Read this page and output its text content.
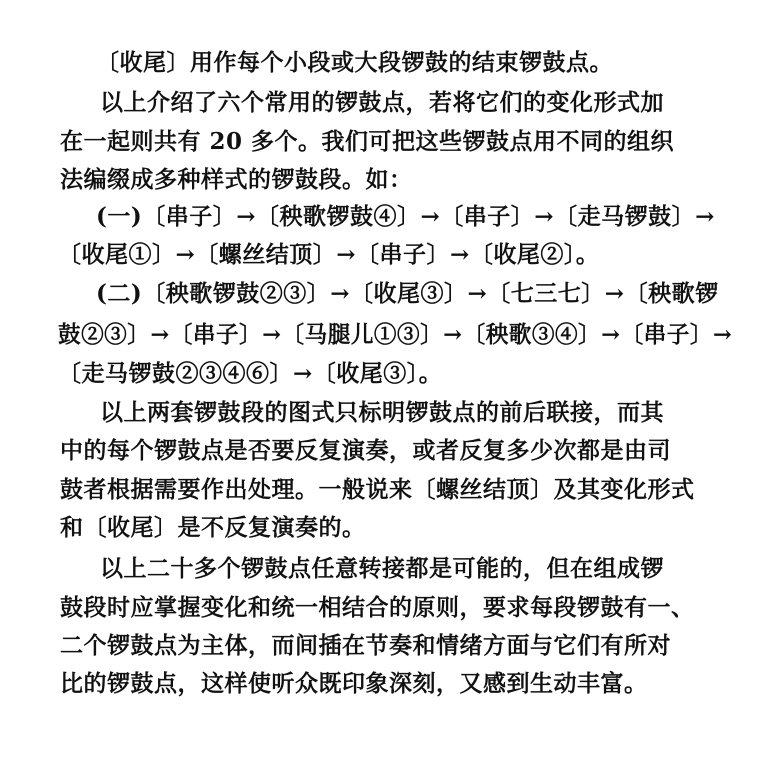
〔收尾〕用作每个小段或大段锣鼓的结束锣鼓点。
以上介绍了六个常用的锣鼓点，若将它们的变化形式加
在一起则共有 20 多个。我们可把这些锣鼓点用不同的组织
法编缀成多种样式的锣鼓段。如：
(一)〔串子〕→〔秧歌锣鼓④〕→〔串子〕→〔走马锣鼓〕→
〔收尾①〕→〔螺丝结顶〕→〔串子〕→〔收尾②〕。
(二)〔秧歌锣鼓②③〕→〔收尾③〕→〔七三七〕→〔秧歌锣
鼓②③〕→〔串子〕→〔马腿儿①③〕→〔秧歌③④〕→〔串子〕→
〔走马锣鼓②③④⑥〕→〔收尾③〕。
以上两套锣鼓段的图式只标明锣鼓点的前后联接，而其
中的每个锣鼓点是否要反复演奏，或者反复多少次都是由司
鼓者根据需要作出处理。一般说来〔螺丝结顶〕及其变化形式
和〔收尾〕是不反复演奏的。
以上二十多个锣鼓点任意转接都是可能的，但在组成锣
鼓段时应掌握变化和统一相结合的原则，要求每段锣鼓有一、
二个锣鼓点为主体，而间插在节奏和情绪方面与它们有所对
比的锣鼓点，这样使听众既印象深刻，又感到生动丰富。
